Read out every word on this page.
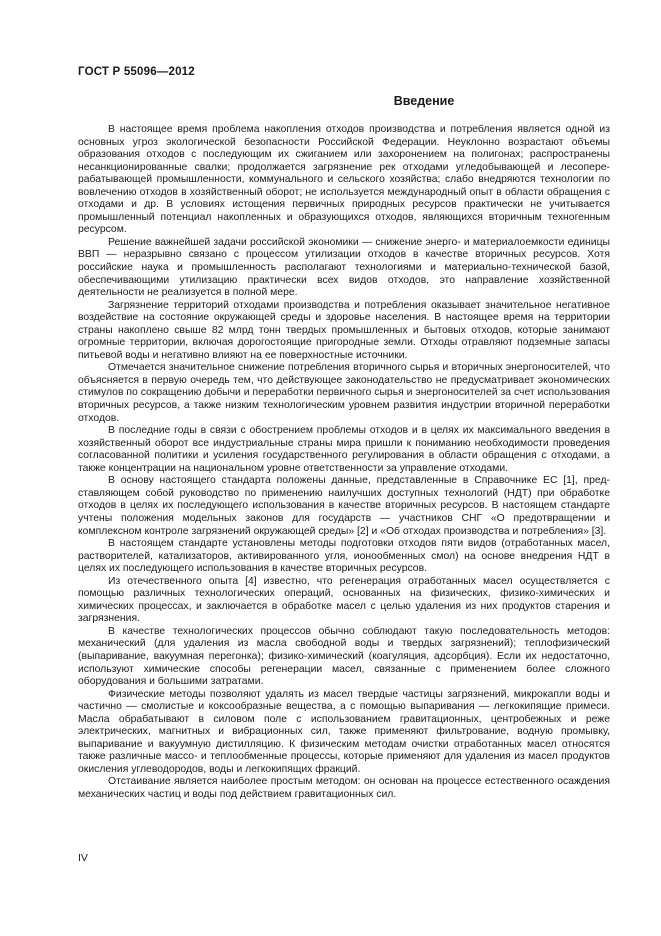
ГОСТ Р 55096—2012
Введение

В настоящее время проблема накопления отходов производства и потребления является одной из основных угроз экологической безопасности Российской Федерации. Неуклонно возрастают объемы образования отходов с последующим их сжиганием или захоронением на полигонах; распространены несанкционированные свалки; продолжается загрязнение рек отходами угледобывающей и лесоперерабатывающей промышленности, коммунального и сельского хозяйства; слабо внедряются технологии по вовлечению отходов в хозяйственный оборот; не используется международный опыт в области обращения с отходами и др. В условиях истощения первичных природных ресурсов практически не учитывается промышленный потенциал накопленных и образующихся отходов, являющихся вторичным техногенным ресурсом.

Решение важнейшей задачи российской экономики — снижение энерго- и материалоемкости единицы ВВП — неразрывно связано с процессом утилизации отходов в качестве вторичных ресурсов. Хотя российские наука и промышленность располагают технологиями и материально-технической базой, обеспечивающими утилизацию практически всех видов отходов, это направление хозяйственной деятельности не реализуется в полной мере.

Загрязнение территорий отходами производства и потребления оказывает значительное негативное воздействие на состояние окружающей среды и здоровье населения. В настоящее время на территории страны накоплено свыше 82 млрд тонн твердых промышленных и бытовых отходов, которые занимают огромные территории, включая дорогостоящие пригородные земли. Отходы отравляют подземные запасы питьевой воды и негативно влияют на ее поверхностные источники.

Отмечается значительное снижение потребления вторичного сырья и вторичных энергоносителей, что объясняется в первую очередь тем, что действующее законодательство не предусматривает экономических стимулов по сокращению добычи и переработки первичного сырья и энергоносителей за счет использования вторичных ресурсов, а также низким технологическим уровнем развития индустрии вторичной переработки отходов.

В последние годы в связи с обострением проблемы отходов и в целях их максимального введения в хозяйственный оборот все индустриальные страны мира пришли к пониманию необходимости проведения согласованной политики и усиления государственного регулирования в области обращения с отходами, а также концентрации на национальном уровне ответственности за управление отходами.

В основу настоящего стандарта положены данные, представленные в Справочнике ЕС [1], представляющем собой руководство по применению наилучших доступных технологий (НДТ) при обработке отходов в целях их последующего использования в качестве вторичных ресурсов. В настоящем стандарте учтены положения модельных законов для государств — участников СНГ «О предотвращении и комплексном контроле загрязнений окружающей среды» [2] и «Об отходах производства и потребления» [3].

В настоящем стандарте установлены методы подготовки отходов пяти видов (отработанных масел, растворителей, катализаторов, активированного угля, ионообменных смол) на основе внедрения НДТ в целях их последующего использования в качестве вторичных ресурсов.

Из отечественного опыта [4] известно, что регенерация отработанных масел осуществляется с помощью различных технологических операций, основанных на физических, физико-химических и химических процессах, и заключается в обработке масел с целью удаления из них продуктов старения и загрязнения.

В качестве технологических процессов обычно соблюдают такую последовательность методов: механический (для удаления из масла свободной воды и твердых загрязнений); теплофизический (выпаривание, вакуумная перегонка); физико-химический (коагуляция, адсорбция). Если их недостаточно, используют химические способы регенерации масел, связанные с применением более сложного оборудования и большими затратами.

Физические методы позволяют удалять из масел твердые частицы загрязнений, микрокапли воды и частично — смолистые и коксообразные вещества, а с помощью выпаривания — легкокипящие примеси. Масла обрабатывают в силовом поле с использованием гравитационных, центробежных и реже электрических, магнитных и вибрационных сил, также применяют фильтрование, водную промывку, выпаривание и вакуумную дистилляцию. К физическим методам очистки отработанных масел относятся также различные массо- и теплообменные процессы, которые применяют для удаления из масел продуктов окисления углеводородов, воды и легкокипящих фракций.

Отстаивание является наиболее простым методом: он основан на процессе естественного осаждения механических частиц и воды под действием гравитационных сил.

IV
